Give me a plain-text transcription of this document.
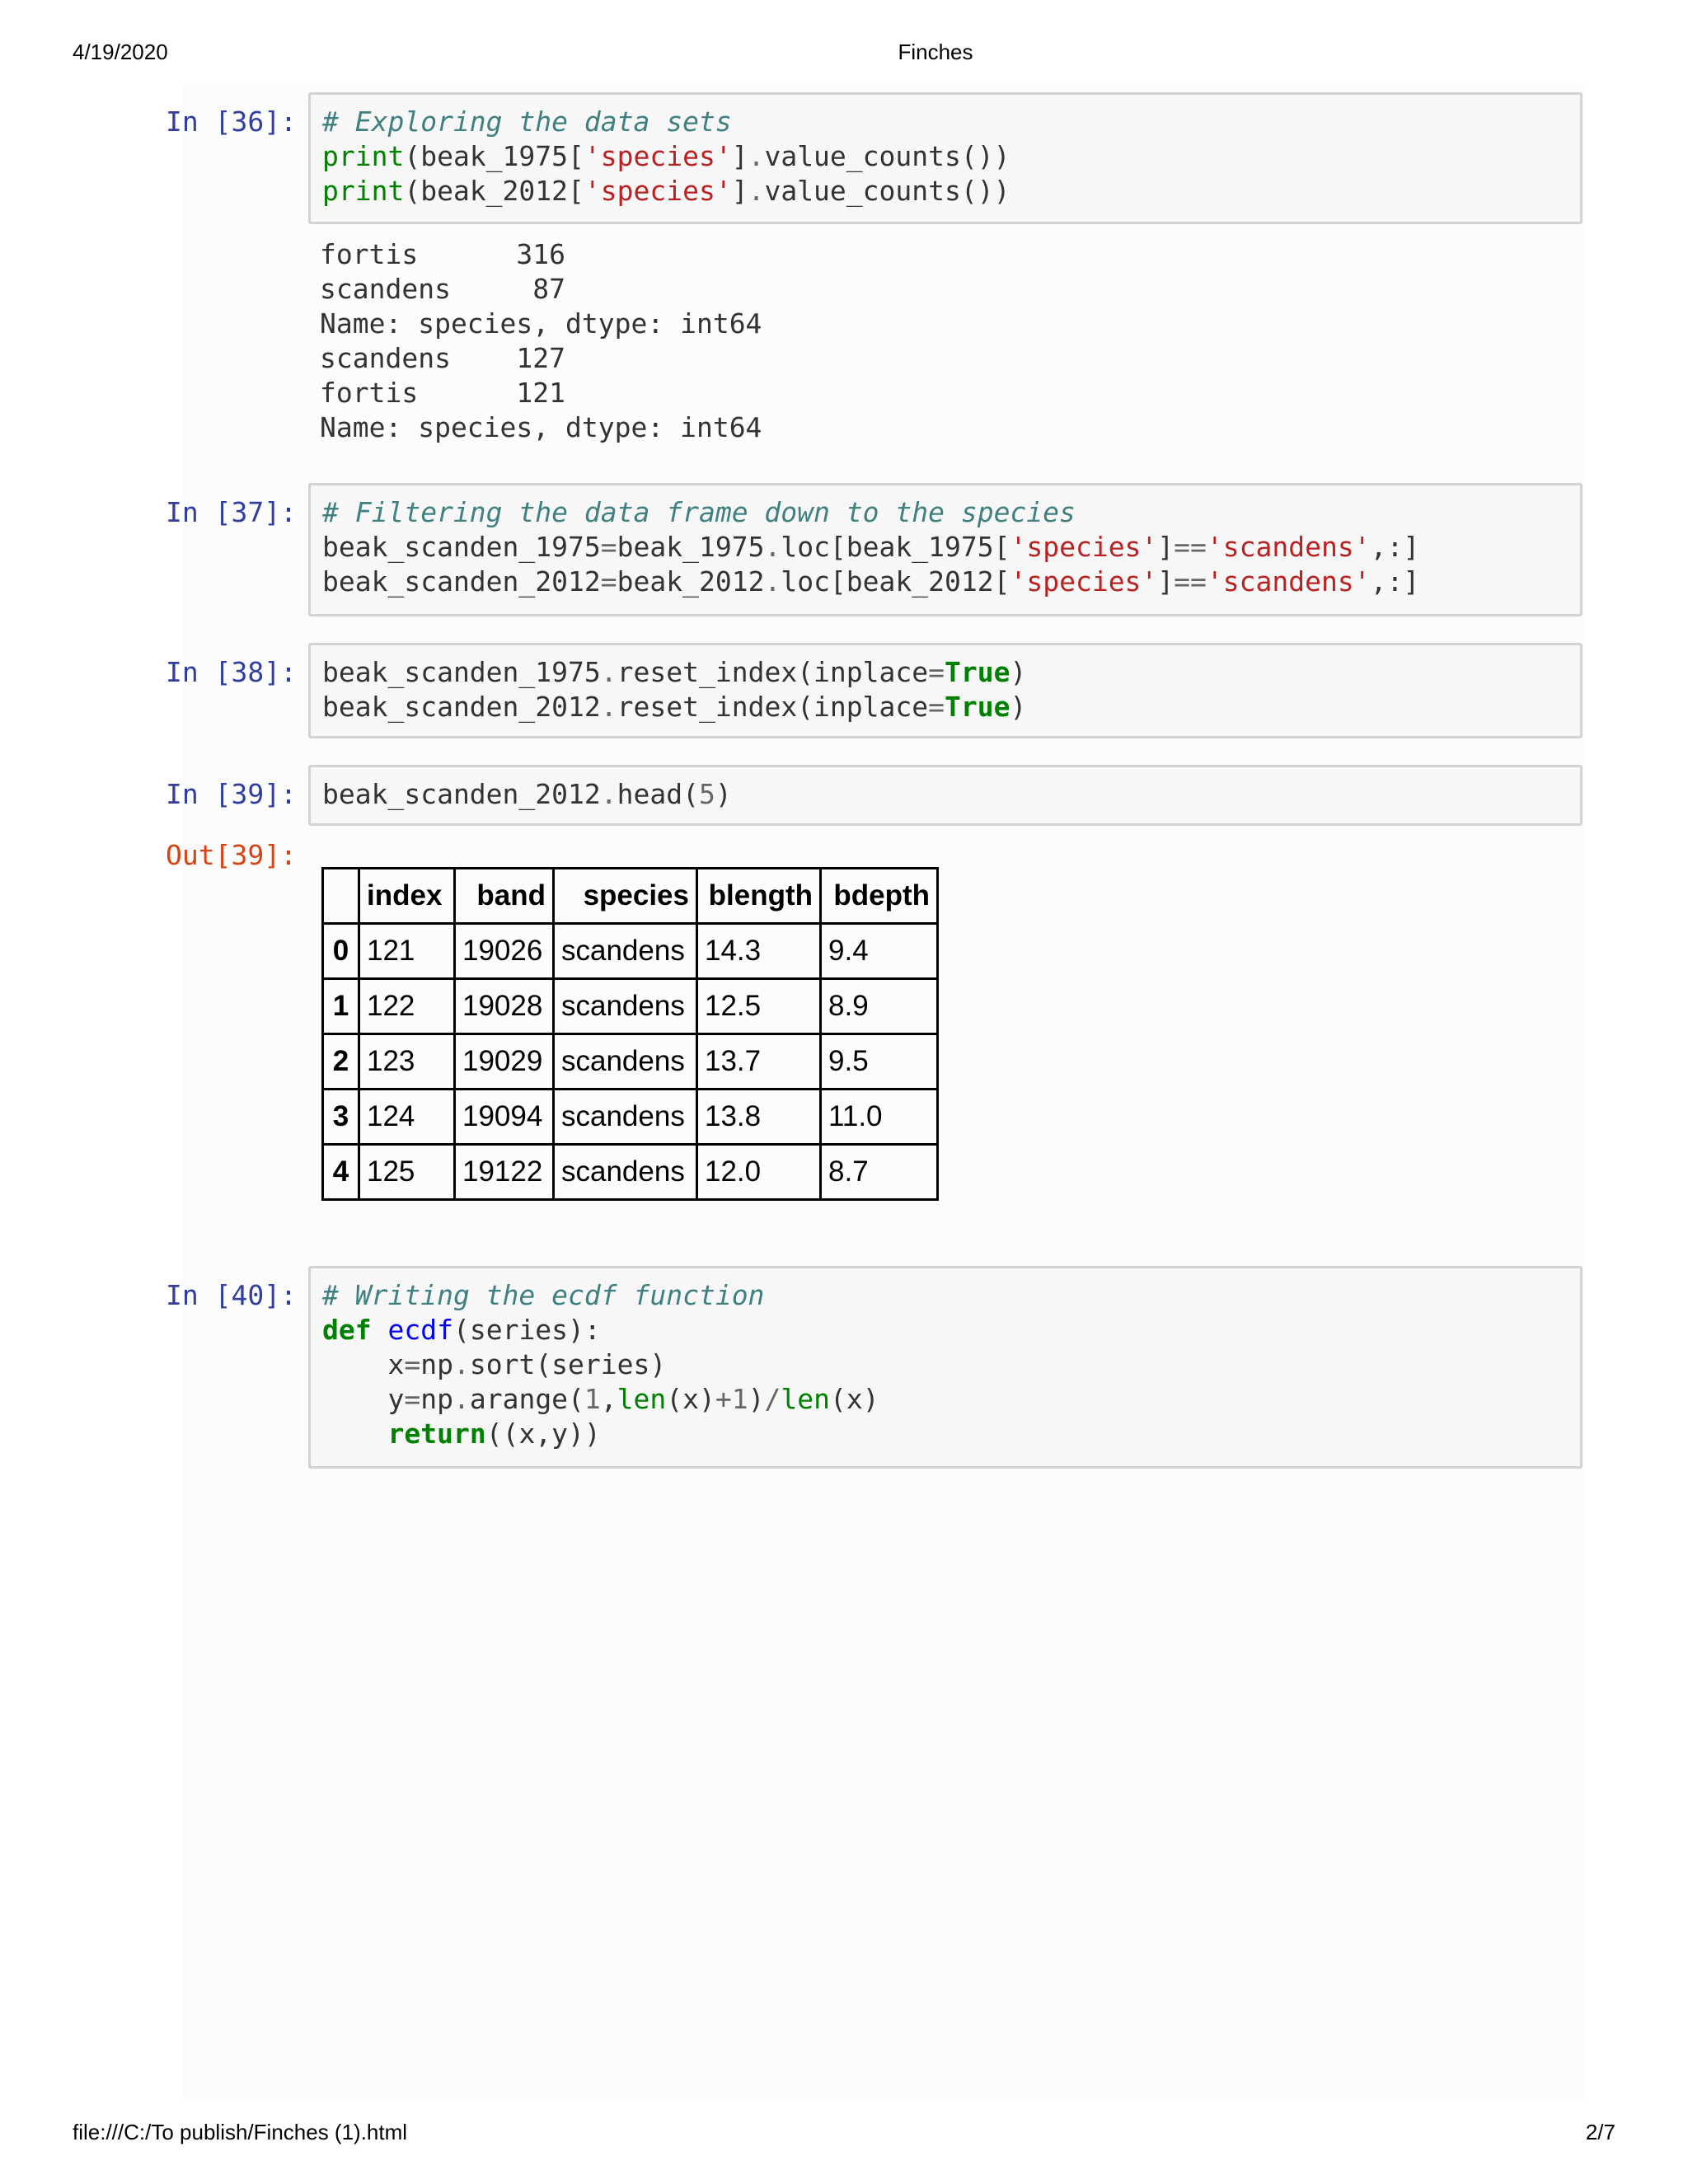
4/19/2020	Finches
In [36]: # Exploring the data sets
print(beak_1975['species'].value_counts())
print(beak_2012['species'].value_counts())
fortis      316
scandens     87
Name: species, dtype: int64
scandens    127
fortis      121
Name: species, dtype: int64
In [37]: # Filtering the data frame down to the species
beak_scanden_1975=beak_1975.loc[beak_1975['species']=='scandens',:]
beak_scanden_2012=beak_2012.loc[beak_2012['species']=='scandens',:]
In [38]: beak_scanden_1975.reset_index(inplace=True)
beak_scanden_2012.reset_index(inplace=True)
In [39]: beak_scanden_2012.head(5)
Out[39]:
	index	band	species	blength	bdepth
0	121	19026	scandens	14.3	9.4
1	122	19028	scandens	12.5	8.9
2	123	19029	scandens	13.7	9.5
3	124	19094	scandens	13.8	11.0
4	125	19122	scandens	12.0	8.7
In [40]: # Writing the ecdf function
def ecdf(series):
x=np.sort(series)
y=np.arange(1,len(x)+1)/len(x)
return((x,y))
file:///C:/To publish/Finches (1).html	2/7
